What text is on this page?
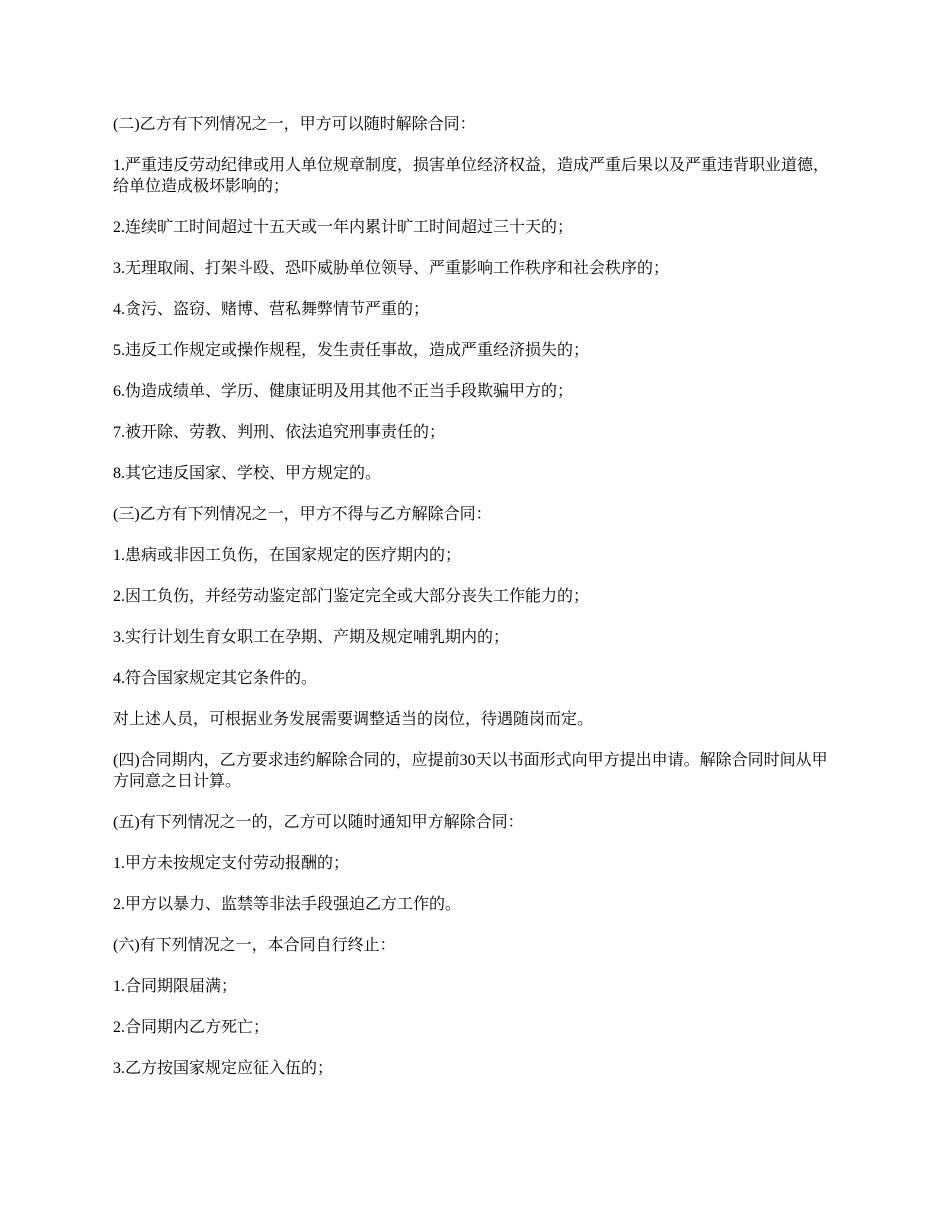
(二)乙方有下列情况之一，甲方可以随时解除合同：

1.严重违反劳动纪律或用人单位规章制度，损害单位经济权益，造成严重后果以及严重违背职业道德，给单位造成极坏影响的；

2.连续旷工时间超过十五天或一年内累计旷工时间超过三十天的；

3.无理取闹、打架斗殴、恐吓威胁单位领导、严重影响工作秩序和社会秩序的；

4.贪污、盗窃、赌博、营私舞弊情节严重的；

5.违反工作规定或操作规程，发生责任事故，造成严重经济损失的；

6.伪造成绩单、学历、健康证明及用其他不正当手段欺骗甲方的；

7.被开除、劳教、判刑、依法追究刑事责任的；

8.其它违反国家、学校、甲方规定的。

(三)乙方有下列情况之一，甲方不得与乙方解除合同：

1.患病或非因工负伤，在国家规定的医疗期内的；

2.因工负伤，并经劳动鉴定部门鉴定完全或大部分丧失工作能力的；

3.实行计划生育女职工在孕期、产期及规定哺乳期内的；

4.符合国家规定其它条件的。

对上述人员，可根据业务发展需要调整适当的岗位，待遇随岗而定。

(四)合同期内，乙方要求违约解除合同的，应提前30天以书面形式向甲方提出申请。解除合同时间从甲方同意之日计算。

(五)有下列情况之一的，乙方可以随时通知甲方解除合同：

1.甲方未按规定支付劳动报酬的；

2.甲方以暴力、监禁等非法手段强迫乙方工作的。

(六)有下列情况之一，本合同自行终止：

1.合同期限届满；

2.合同期内乙方死亡；

3.乙方按国家规定应征入伍的；
